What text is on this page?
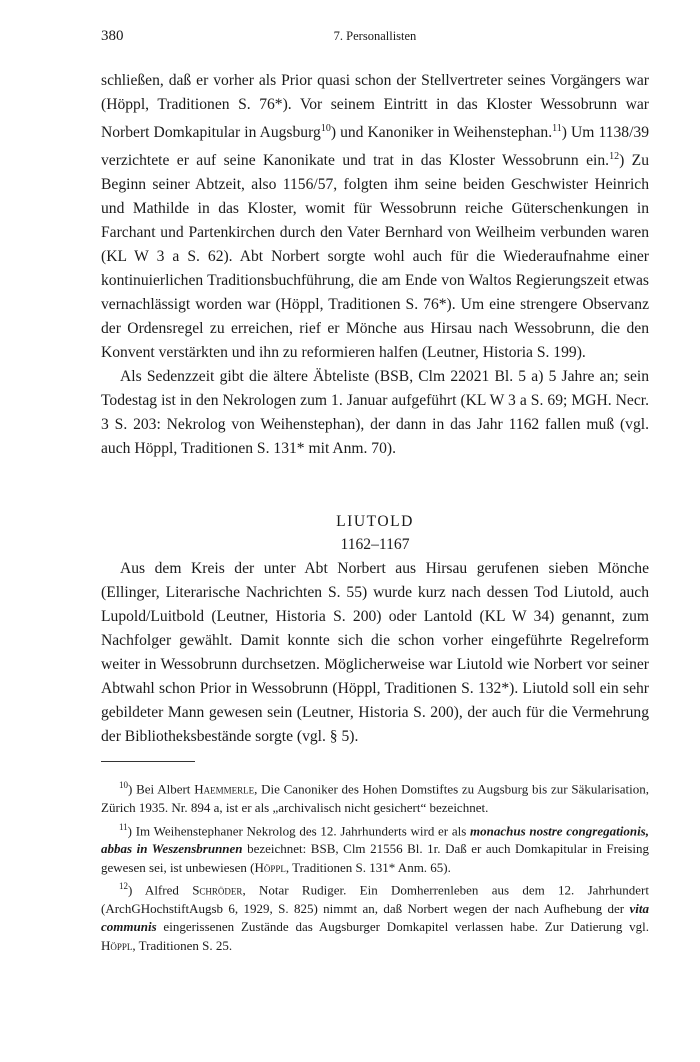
380	7. Personallisten

schließen, daß er vorher als Prior quasi schon der Stellvertreter seines Vorgängers war (Höppl, Traditionen S. 76*). Vor seinem Eintritt in das Kloster Wessobrunn war Norbert Domkapitular in Augsburg$^{10}$) und Kanoniker in Weihenstephan.$^{11}$) Um 1138/39 verzichtete er auf seine Kanonikate und trat in das Kloster Wessobrunn ein.$^{12}$) Zu Beginn seiner Abtzeit, also 1156/57, folgten ihm seine beiden Geschwister Heinrich und Mathilde in das Kloster, womit für Wessobrunn reiche Güterschenkungen in Farchant und Partenkirchen durch den Vater Bernhard von Weilheim verbunden waren (KL W 3 a S. 62). Abt Norbert sorgte wohl auch für die Wiederaufnahme einer kontinuierlichen Traditionsbuchführung, die am Ende von Waltos Regierungszeit etwas vernachlässigt worden war (Höppl, Traditionen S. 76*). Um eine strengere Observanz der Ordensregel zu erreichen, rief er Mönche aus Hirsau nach Wessobrunn, die den Konvent verstärkten und ihn zu reformieren halfen (Leutner, Historia S. 199).

Als Sedenzzeit gibt die ältere Äbteliste (BSB, Clm 22021 Bl. 5 a) 5 Jahre an; sein Todestag ist in den Nekrologen zum 1. Januar aufgeführt (KL W 3 a S. 69; MGH. Necr. 3 S. 203: Nekrolog von Weihenstephan), der dann in das Jahr 1162 fallen muß (vgl. auch Höppl, Traditionen S. 131* mit Anm. 70).

LIUTOLD
1162–1167

Aus dem Kreis der unter Abt Norbert aus Hirsau gerufenen sieben Mönche (Ellinger, Literarische Nachrichten S. 55) wurde kurz nach dessen Tod Liutold, auch Lupold/Luitbold (Leutner, Historia S. 200) oder Lantold (KL W 34) genannt, zum Nachfolger gewählt. Damit konnte sich die schon vorher eingeführte Regelreform weiter in Wessobrunn durchsetzen. Möglicherweise war Liutold wie Norbert vor seiner Abtwahl schon Prior in Wessobrunn (Höppl, Traditionen S. 132*). Liutold soll ein sehr gebildeter Mann gewesen sein (Leutner, Historia S. 200), der auch für die Vermehrung der Bibliotheksbestände sorgte (vgl. § 5).

$^{10}$) Bei Albert Haemmerle, Die Canoniker des Hohen Domstiftes zu Augsburg bis zur Säkularisation, Zürich 1935. Nr. 894 a, ist er als „archivalisch nicht gesichert“ bezeichnet.

$^{11}$) Im Weihenstephaner Nekrolog des 12. Jahrhunderts wird er als monachus nostre congregationis, abbas in Weszensbrunnen bezeichnet: BSB, Clm 21556 Bl. 1r. Daß er auch Domkapitular in Freising gewesen sei, ist unbewiesen (Höppl, Traditionen S. 131* Anm. 65).

$^{12}$) Alfred Schröder, Notar Rudiger. Ein Domherrenleben aus dem 12. Jahrhundert (ArchGHochstiftAugsb 6, 1929, S. 825) nimmt an, daß Norbert wegen der nach Aufhebung der vita communis eingerissenen Zustände das Augsburger Domkapitel verlassen habe. Zur Datierung vgl. Höppl, Traditionen S. 25.
